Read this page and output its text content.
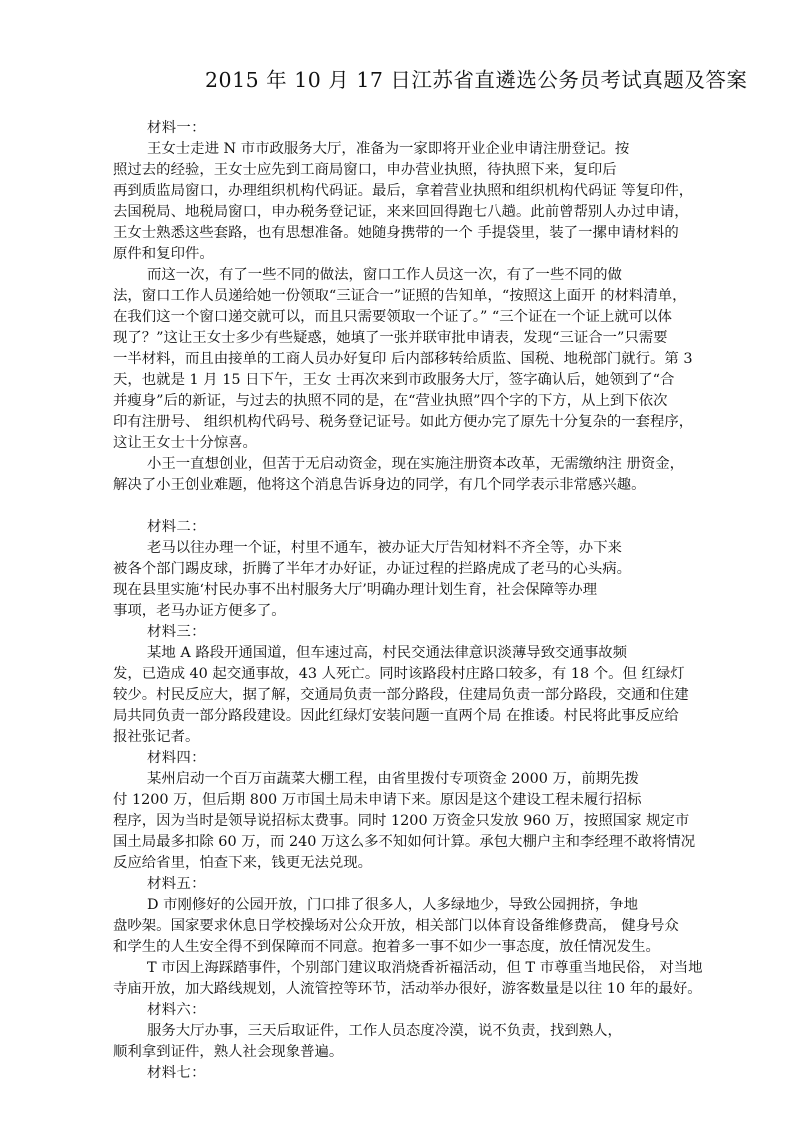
2015 年 10 月 17 日江苏省直遴选公务员考试真题及答案
材料一：
王女士走进 N 市市政服务大厅，准备为一家即将开业企业申请注册登记。按
照过去的经验，王女士应先到工商局窗口，申办营业执照，待执照下来，复印后
再到质监局窗口，办理组织机构代码证。最后，拿着营业执照和组织机构代码证 等复印件，
去国税局、地税局窗口，申办税务登记证，来来回回得跑七八趟。此前曾帮别人办过申请，
王女士熟悉这些套路，也有思想准备。她随身携带的一个 手提袋里，装了一摞申请材料的
原件和复印件。
而这一次，有了一些不同的做法，窗口工作人员这一次，有了一些不同的做
法，窗口工作人员递给她一份领取“三证合一”证照的告知单，“按照这上面开 的材料清单，
在我们这一个窗口递交就可以，而且只需要领取一个证了。” “三个证在一个证上就可以体
现了？”这让王女士多少有些疑惑，她填了一张并联审批申请表，发现“三证合一”只需要
一半材料，而且由接单的工商人员办好复印 后内部移转给质监、国税、地税部门就行。第 3
天，也就是 1 月 15 日下午，王女 士再次来到市政服务大厅，签字确认后，她领到了“合
并瘦身”后的新证，与过去的执照不同的是，在“营业执照”四个字的下方，从上到下依次
印有注册号、 组织机构代码号、税务登记证号。如此方便办完了原先十分复杂的一套程序，
这让王女士十分惊喜。
小王一直想创业，但苦于无启动资金，现在实施注册资本改革，无需缴纳注 册资金，
解决了小王创业难题，他将这个消息告诉身边的同学，有几个同学表示非常感兴趣。
材料二：
老马以往办理一个证，村里不通车，被办证大厅告知材料不齐全等，办下来
被各个部门踢皮球，折腾了半年才办好证，办证过程的拦路虎成了老马的心头病。
现在县里实施‘村民办事不出村服务大厅’明确办理计划生育，社会保障等办理
事项，老马办证方便多了。
材料三：
某地 A 路段开通国道，但车速过高，村民交通法律意识淡薄导致交通事故频
发，已造成 40 起交通事故，43 人死亡。同时该路段村庄路口较多，有 18 个。但 红绿灯
较少。村民反应大，据了解，交通局负责一部分路段，住建局负责一部分路段，交通和住建
局共同负责一部分路段建设。因此红绿灯安装问题一直两个局 在推诿。村民将此事反应给
报社张记者。
材料四：
某州启动一个百万亩蔬菜大棚工程，由省里拨付专项资金 2000 万，前期先拨
付 1200 万，但后期 800 万市国土局未申请下来。原因是这个建设工程未履行招标
程序，因为当时是领导说招标太费事。同时 1200 万资金只发放 960 万，按照国家 规定市
国土局最多扣除 60 万，而 240 万这么多不知如何计算。承包大棚户主和李经理不敢将情况
反应给省里，怕查下来，钱更无法兑现。
材料五：
D 市刚修好的公园开放，门口排了很多人，人多绿地少，导致公园拥挤，争地
盘吵架。国家要求休息日学校操场对公众开放，相关部门以体育设备维修费高， 健身号众
和学生的人生安全得不到保障而不同意。抱着多一事不如少一事态度，放任情况发生。
T 市因上海踩踏事件，个别部门建议取消烧香祈福活动，但 T 市尊重当地民俗， 对当地
寺庙开放，加大路线规划，人流管控等环节，活动举办很好，游客数量是以往 10 年的最好。
材料六：
服务大厅办事，三天后取证件，工作人员态度冷漠，说不负责，找到熟人，
顺利拿到证件，熟人社会现象普遍。
材料七：
